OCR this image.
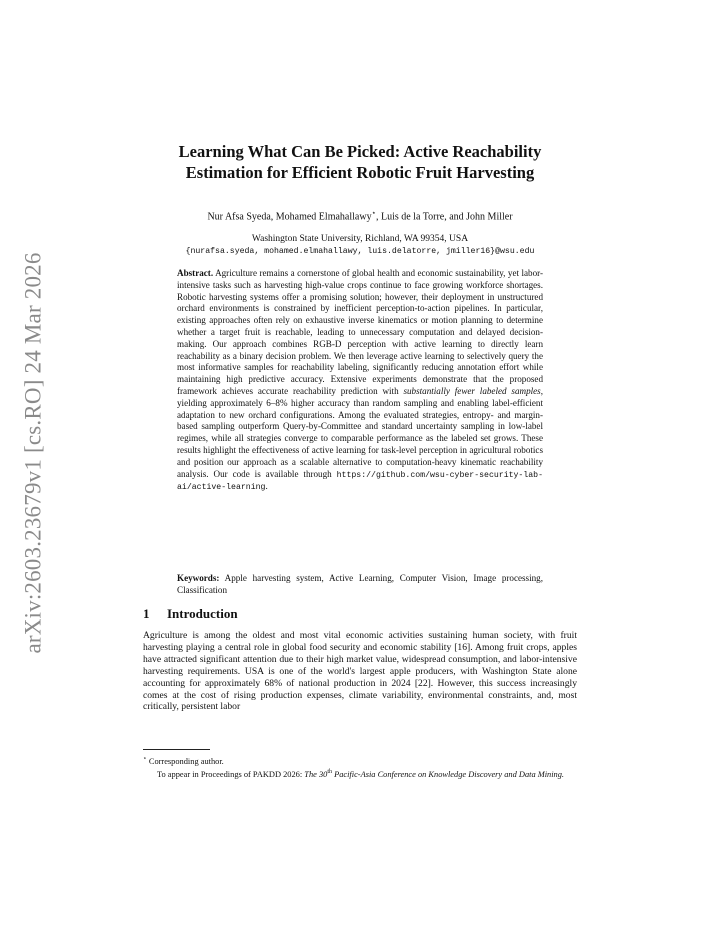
arXiv:2603.23679v1 [cs.RO] 24 Mar 2026
Learning What Can Be Picked: Active Reachability
Estimation for Efficient Robotic Fruit Harvesting
Nur Afsa Syeda, Mohamed Elmahallawy⋆, Luis de la Torre, and John Miller
Washington State University, Richland, WA 99354, USA
{nurafsa.syeda, mohamed.elmahallawy, luis.delatorre, jmiller16}@wsu.edu
Abstract. Agriculture remains a cornerstone of global health and economic sustainability, yet labor-intensive tasks such as harvesting high-value crops continue to face growing workforce shortages. Robotic harvesting systems offer a promising solution; however, their deployment in unstructured orchard environments is constrained by inefficient perception-to-action pipelines. In particular, existing approaches often rely on exhaustive inverse kinematics or motion planning to determine whether a target fruit is reachable, leading to unnecessary computation and delayed decision-making. Our approach combines RGB-D perception with active learning to directly learn reachability as a binary decision problem. We then leverage active learning to selectively query the most informative samples for reachability labeling, significantly reducing annotation effort while maintaining high predictive accuracy. Extensive experiments demonstrate that the proposed framework achieves accurate reachability prediction with substantially fewer labeled samples, yielding approximately 6–8% higher accuracy than random sampling and enabling label-efficient adaptation to new orchard configurations. Among the evaluated strategies, entropy- and margin-based sampling outperform Query-by-Committee and standard uncertainty sampling in low-label regimes, while all strategies converge to comparable performance as the labeled set grows. These results highlight the effectiveness of active learning for task-level perception in agricultural robotics and position our approach as a scalable alternative to computation-heavy kinematic reachability analysis. Our code is available through https://github.com/wsu-cyber-security-lab-ai/active-learning.
Keywords: Apple harvesting system, Active Learning, Computer Vision, Image processing, Classification
1 Introduction
Agriculture is among the oldest and most vital economic activities sustaining human society, with fruit harvesting playing a central role in global food security and economic stability [16]. Among fruit crops, apples have attracted significant attention due to their high market value, widespread consumption, and labor-intensive harvesting requirements. USA is one of the world's largest apple producers, with Washington State alone accounting for approximately 68% of national production in 2024 [22]. However, this success increasingly comes at the cost of rising production expenses, climate variability, environmental constraints, and, most critically, persistent labor
⋆ Corresponding author.
To appear in Proceedings of PAKDD 2026: The 30th Pacific-Asia Conference on Knowledge Discovery and Data Mining.
